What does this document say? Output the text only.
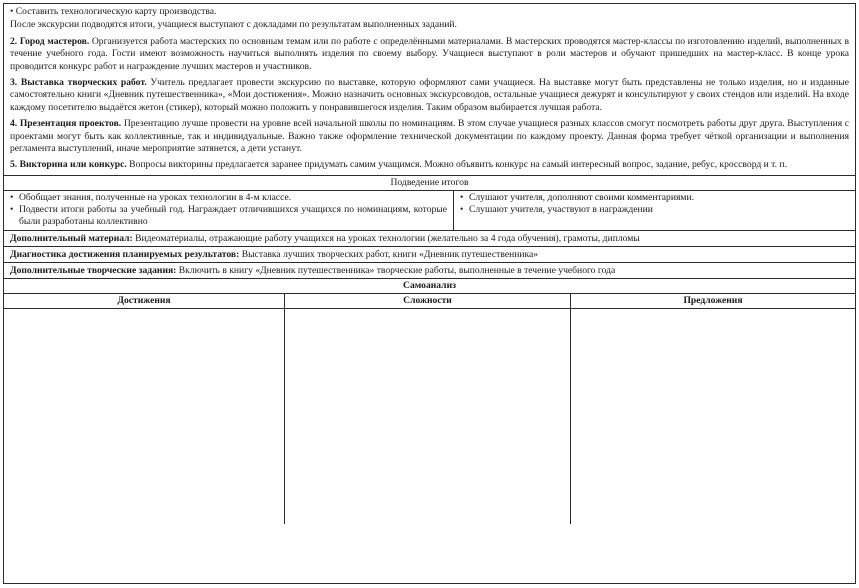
• Составить технологическую карту производства.

После экскурсии подводятся итоги, учащиеся выступают с докладами по результатам выполненных заданий.

2. Город мастеров. Организуется работа мастерских по основным темам или по работе с определёнными материалами. В мастерских проводятся мастер-классы по изготовлению изделий, выполненных в течение учебного года. Гости имеют возможность научиться выполнять изделия по своему выбору. Учащиеся выступают в роли мастеров и обучают пришедших на мастер-класс. В конце урока проводится конкурс работ и награждение лучших мастеров и участников.

3. Выставка творческих работ. Учитель предлагает провести экскурсию по выставке, которую оформляют сами учащиеся. На выставке могут быть представлены не только изделия, но и изданные самостоятельно книги «Дневник путешественника», «Мои достижения». Можно назначить основных экскурсоводов, остальные учащиеся дежурят и консультируют у своих стендов или изделий. На входе каждому посетителю выдаётся жетон (стикер), который можно положить у понравившегося изделия. Таким образом выбирается лучшая работа.

4. Презентация проектов. Презентацию лучше провести на уровне всей начальной школы по номинациям. В этом случае учащиеся разных классов смогут посмотреть работы друг друга. Выступления с проектами могут быть как коллективные, так и индивидуальные. Важно также оформление технической документации по каждому проекту. Данная форма требует чёткой организации и выполнения регламента выступлений, иначе мероприятие затянется, а дети устанут.

5. Викторина или конкурс. Вопросы викторины предлагается заранее придумать самим учащимся. Можно объявить конкурс на самый интересный вопрос, задание, ребус, кроссворд и т. п.

Подведение итогов
• Обобщает знания, полученные на уроках технологии в 4-м классе.
• Подвести итоги работы за учебный год. Награждает отличившихся учащихся по номинациям, которые были разработаны коллективно
• Слушают учителя, дополняют своими комментариями.
• Слушают учителя, участвуют в награждении
Дополнительный материал: Видеоматериалы, отражающие работу учащихся на уроках технологии (желательно за 4 года обучения), грамоты, дипломы
Диагностика достижения планируемых результатов: Выставка лучших творческих работ, книги «Дневник путешественника»
Дополнительные творческие задания: Включить в книгу «Дневник путешественника» творческие работы, выполненные в течение учебного года
Самоанализ
Достижения	Сложности	Предложения
